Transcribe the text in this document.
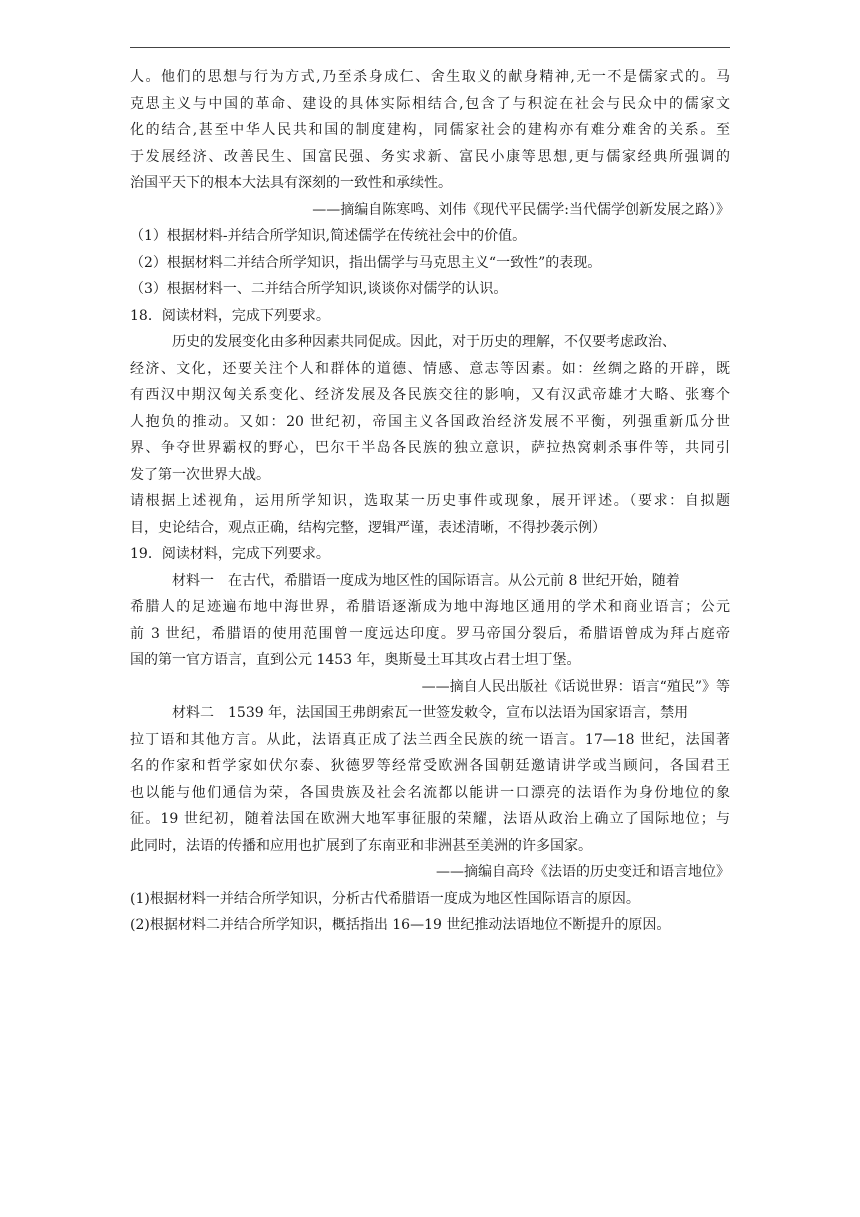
人。他们的思想与行为方式,乃至杀身成仁、舍生取义的献身精神,无一不是儒家式的。马
克思主义与中国的革命、建设的具体实际相结合,包含了与积淀在社会与民众中的儒家文
化的结合,甚至中华人民共和国的制度建构，同儒家社会的建构亦有难分难舍的关系。至
于发展经济、改善民生、国富民强、务实求新、富民小康等思想,更与儒家经典所强调的
治国平天下的根本大法具有深刻的一致性和承续性。
——摘编自陈寒鸣、刘伟《现代平民儒学:当代儒学创新发展之路）》
（1）根据材料-并结合所学知识,简述儒学在传统社会中的价值。
（2）根据材料二并结合所学知识，指出儒学与马克思主义“一致性”的表现。
（3）根据材料一、二并结合所学知识,谈谈你对儒学的认识。
18．阅读材料，完成下列要求。
历史的发展变化由多种因素共同促成。因此，对于历史的理解，不仅要考虑政治、
经济、文化，还要关注个人和群体的道德、情感、意志等因素。如：丝绸之路的开辟，既
有西汉中期汉匈关系变化、经济发展及各民族交往的影响，又有汉武帝雄才大略、张骞个
人抱负的推动。又如：20 世纪初，帝国主义各国政治经济发展不平衡，列强重新瓜分世
界、争夺世界霸权的野心，巴尔干半岛各民族的独立意识，萨拉热窝刺杀事件等，共同引
发了第一次世界大战。
请根据上述视角，运用所学知识，选取某一历史事件或现象，展开评述。（要求：自拟题
目，史论结合，观点正确，结构完整，逻辑严谨，表述清晰，不得抄袭示例）
19．阅读材料，完成下列要求。
材料一　在古代，希腊语一度成为地区性的国际语言。从公元前 8 世纪开始，随着
希腊人的足迹遍布地中海世界，希腊语逐渐成为地中海地区通用的学术和商业语言；公元
前 3 世纪，希腊语的使用范围曾一度远达印度。罗马帝国分裂后，希腊语曾成为拜占庭帝
国的第一官方语言，直到公元 1453 年，奥斯曼土耳其攻占君士坦丁堡。
——摘自人民出版社《话说世界：语言“殖民”》等
材料二　1539 年，法国国王弗朗索瓦一世签发敕令，宣布以法语为国家语言，禁用
拉丁语和其他方言。从此，法语真正成了法兰西全民族的统一语言。17—18 世纪，法国著
名的作家和哲学家如伏尔泰、狄德罗等经常受欧洲各国朝廷邀请讲学或当顾问，各国君王
也以能与他们通信为荣，各国贵族及社会名流都以能讲一口漂亮的法语作为身份地位的象
征。19 世纪初，随着法国在欧洲大地军事征服的荣耀，法语从政治上确立了国际地位；与
此同时，法语的传播和应用也扩展到了东南亚和非洲甚至美洲的许多国家。
——摘编自高玲《法语的历史变迁和语言地位》
(1)根据材料一并结合所学知识，分析古代希腊语一度成为地区性国际语言的原因。
(2)根据材料二并结合所学知识，概括指出 16—19 世纪推动法语地位不断提升的原因。
